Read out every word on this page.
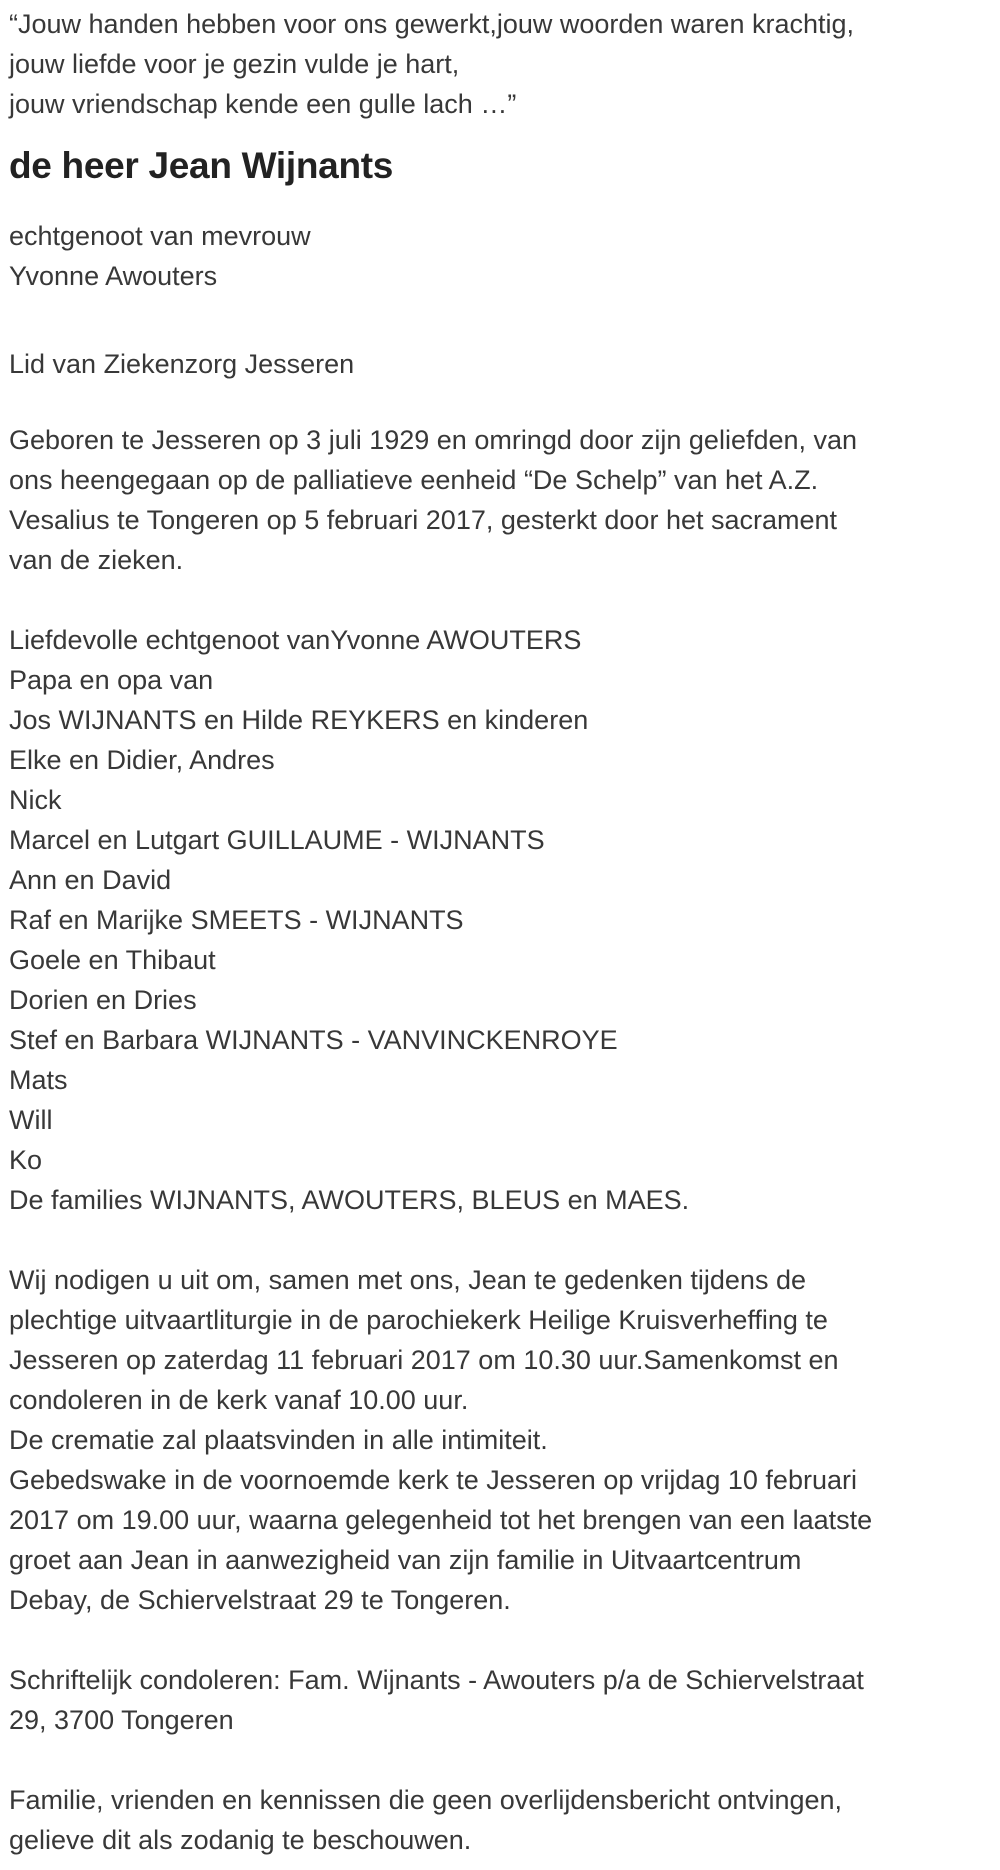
“Jouw handen hebben voor ons gewerkt,jouw woorden waren krachtig,
jouw liefde voor je gezin vulde je hart,
jouw vriendschap kende een gulle lach …”
de heer Jean Wijnants
echtgenoot van mevrouw
Yvonne Awouters
Lid van Ziekenzorg Jesseren
Geboren te Jesseren op 3 juli 1929 en omringd door zijn geliefden, van
ons heengegaan op de palliatieve eenheid “De Schelp” van het A.Z.
Vesalius te Tongeren op 5 februari 2017, gesterkt door het sacrament
van de zieken.
Liefdevolle echtgenoot vanYvonne AWOUTERS
Papa en opa van
Jos WIJNANTS en Hilde REYKERS en kinderen
Elke en Didier, Andres
Nick
Marcel en Lutgart GUILLAUME - WIJNANTS
Ann en David
Raf en Marijke SMEETS - WIJNANTS
Goele en Thibaut
Dorien en Dries
Stef en Barbara WIJNANTS - VANVINCKENROYE
Mats
Will
Ko
De families WIJNANTS, AWOUTERS, BLEUS en MAES.
Wij nodigen u uit om, samen met ons, Jean te gedenken tijdens de
plechtige uitvaartliturgie in de parochiekerk Heilige Kruisverheffing te
Jesseren op zaterdag 11 februari 2017 om 10.30 uur.Samenkomst en
condoleren in de kerk vanaf 10.00 uur.
De crematie zal plaatsvinden in alle intimiteit.
Gebedswake in de voornoemde kerk te Jesseren op vrijdag 10 februari
2017 om 19.00 uur, waarna gelegenheid tot het brengen van een laatste
groet aan Jean in aanwezigheid van zijn familie in Uitvaartcentrum
Debay, de Schiervelstraat 29 te Tongeren.
Schriftelijk condoleren: Fam. Wijnants - Awouters p/a de Schiervelstraat
29, 3700 Tongeren
Familie, vrienden en kennissen die geen overlijdensbericht ontvingen,
gelieve dit als zodanig te beschouwen.
